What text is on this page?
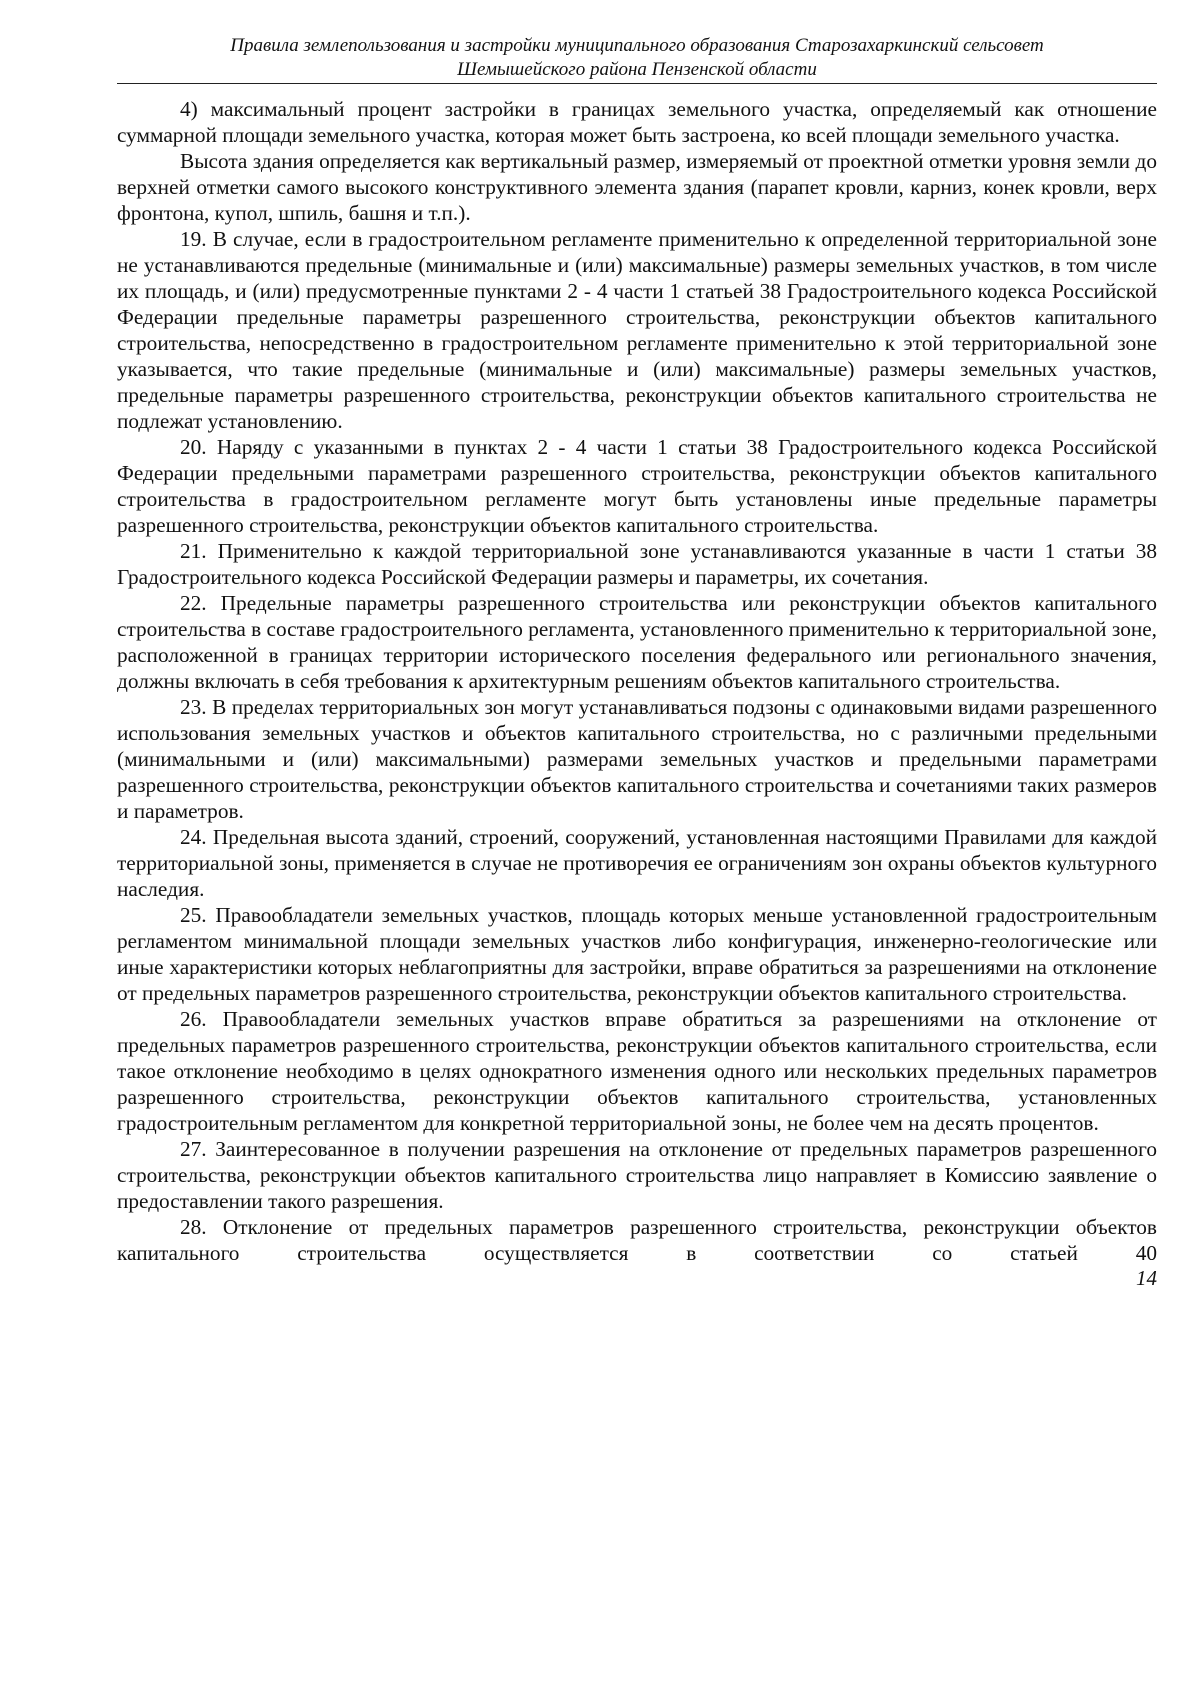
Правила землепользования и застройки муниципального образования Старозахаркинский сельсовет
Шемышейского района Пензенской области

4) максимальный процент застройки в границах земельного участка, определяемый как отношение суммарной площади земельного участка, которая может быть застроена, ко всей площади земельного участка.

Высота здания определяется как вертикальный размер, измеряемый от проектной отметки уровня земли до верхней отметки самого высокого конструктивного элемента здания (парапет кровли, карниз, конек кровли, верх фронтона, купол, шпиль, башня и т.п.).

19. В случае, если в градостроительном регламенте применительно к определенной территориальной зоне не устанавливаются предельные (минимальные и (или) максимальные) размеры земельных участков, в том числе их площадь, и (или) предусмотренные пунктами 2 - 4 части 1 статьей 38 Градостроительного кодекса Российской Федерации предельные параметры разрешенного строительства, реконструкции объектов капитального строительства, непосредственно в градостроительном регламенте применительно к этой территориальной зоне указывается, что такие предельные (минимальные и (или) максимальные) размеры земельных участков, предельные параметры разрешенного строительства, реконструкции объектов капитального строительства не подлежат установлению.

20. Наряду с указанными в пунктах 2 - 4 части 1 статьи 38 Градостроительного кодекса Российской Федерации предельными параметрами разрешенного строительства, реконструкции объектов капитального строительства в градостроительном регламенте могут быть установлены иные предельные параметры разрешенного строительства, реконструкции объектов капитального строительства.

21. Применительно к каждой территориальной зоне устанавливаются указанные в части 1 статьи 38 Градостроительного кодекса Российской Федерации размеры и параметры, их сочетания.

22. Предельные параметры разрешенного строительства или реконструкции объектов капитального строительства в составе градостроительного регламента, установленного применительно к территориальной зоне, расположенной в границах территории исторического поселения федерального или регионального значения, должны включать в себя требования к архитектурным решениям объектов капитального строительства.

23. В пределах территориальных зон могут устанавливаться подзоны с одинаковыми видами разрешенного использования земельных участков и объектов капитального строительства, но с различными предельными (минимальными и (или) максимальными) размерами земельных участков и предельными параметрами разрешенного строительства, реконструкции объектов капитального строительства и сочетаниями таких размеров и параметров.

24. Предельная высота зданий, строений, сооружений, установленная настоящими Правилами для каждой территориальной зоны, применяется в случае не противоречия ее ограничениям зон охраны объектов культурного наследия.

25. Правообладатели земельных участков, площадь которых меньше установленной градостроительным регламентом минимальной площади земельных участков либо конфигурация, инженерно-геологические или иные характеристики которых неблагоприятны для застройки, вправе обратиться за разрешениями на отклонение от предельных параметров разрешенного строительства, реконструкции объектов капитального строительства.

26. Правообладатели земельных участков вправе обратиться за разрешениями на отклонение от предельных параметров разрешенного строительства, реконструкции объектов капитального строительства, если такое отклонение необходимо в целях однократного изменения одного или нескольких предельных параметров разрешенного строительства, реконструкции объектов капитального строительства, установленных градостроительным регламентом для конкретной территориальной зоны, не более чем на десять процентов.

27. Заинтересованное в получении разрешения на отклонение от предельных параметров разрешенного строительства, реконструкции объектов капитального строительства лицо направляет в Комиссию заявление о предоставлении такого разрешения.

28. Отклонение от предельных параметров разрешенного строительства, реконструкции объектов капитального строительства осуществляется в соответствии со статьей 40

14
